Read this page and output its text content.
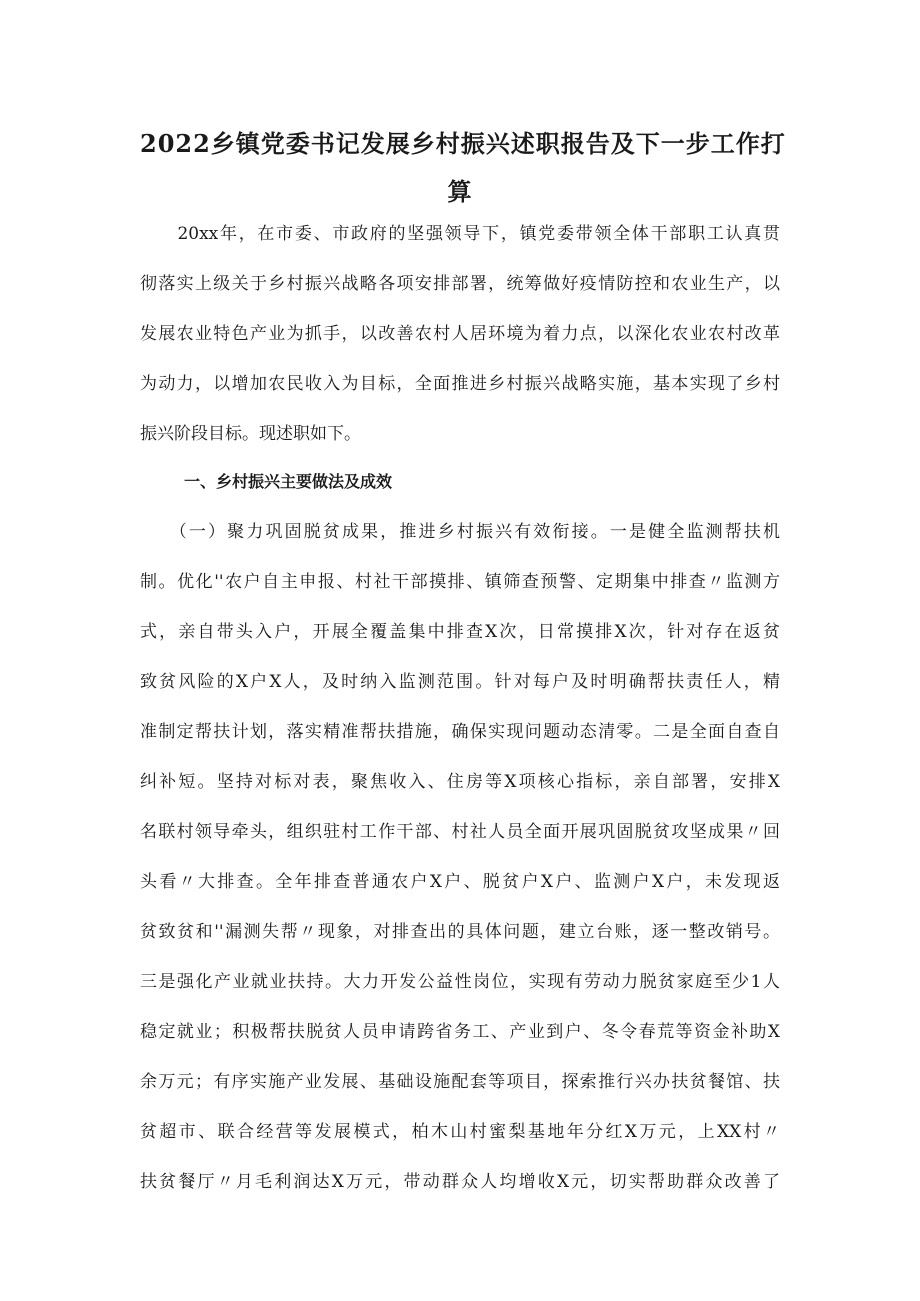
2022乡镇党委书记发展乡村振兴述职报告及下一步工作打
算
　　20xx年，在市委、市政府的坚强领导下，镇党委带领全体干部职工认真贯
彻落实上级关于乡村振兴战略各项安排部署，统筹做好疫情防控和农业生产，以
发展农业特色产业为抓手，以改善农村人居环境为着力点，以深化农业农村改革
为动力，以增加农民收入为目标，全面推进乡村振兴战略实施，基本实现了乡村
振兴阶段目标。现述职如下。
一、乡村振兴主要做法及成效
　　（一）聚力巩固脱贫成果，推进乡村振兴有效衔接。一是健全监测帮扶机
制。优化''农户自主申报、村社干部摸排、镇筛查预警、定期集中排查〃监测方
式，亲自带头入户，开展全覆盖集中排查X次，日常摸排X次，针对存在返贫
致贫风险的X户X人，及时纳入监测范围。针对每户及时明确帮扶责任人，精
准制定帮扶计划，落实精准帮扶措施，确保实现问题动态清零。二是全面自查自
纠补短。坚持对标对表，聚焦收入、住房等X项核心指标，亲自部署，安排X
名联村领导牵头，组织驻村工作干部、村社人员全面开展巩固脱贫攻坚成果〃回
头看〃大排查。全年排查普通农户X户、脱贫户X户、监测户X户，未发现返
贫致贫和''漏测失帮〃现象，对排查出的具体问题，建立台账，逐一整改销号。
三是强化产业就业扶持。大力开发公益性岗位，实现有劳动力脱贫家庭至少1人
稳定就业；积极帮扶脱贫人员申请跨省务工、产业到户、冬令春荒等资金补助X
余万元；有序实施产业发展、基础设施配套等项目，探索推行兴办扶贫餐馆、扶
贫超市、联合经营等发展模式，柏木山村蜜梨基地年分红X万元，上XX村〃
扶贫餐厅〃月毛利润达X万元，带动群众人均增收X元，切实帮助群众改善了
